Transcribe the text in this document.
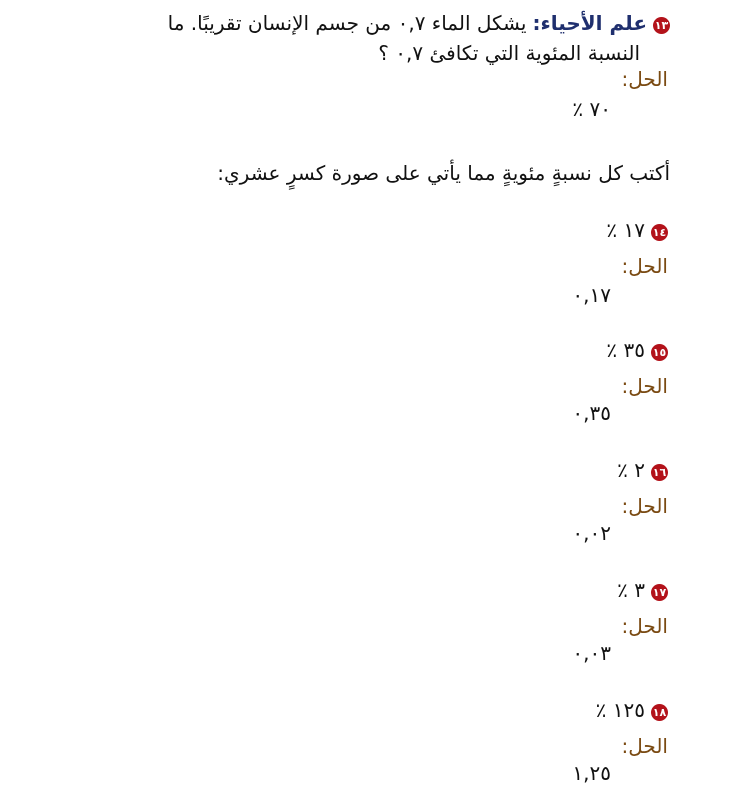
١٣علم الأحياء:يشكل الماء ٠,٧ من جسم الإنسان تقريبًا. ما
النسبة المئوية التي تكافئ ٠,٧ ؟
الحل:
٧٠ ٪
أكتب كل نسبةٍ مئويةٍ مما يأتي على صورة كسرٍ عشري:
١٤١٧ ٪
الحل:
٠,١٧
١٥٣٥ ٪
الحل:
٠,٣٥
١٦٢ ٪
الحل:
٠,٠٢
١٧٣ ٪
الحل:
٠,٠٣
١٨١٢٥ ٪
الحل:
١,٢٥
